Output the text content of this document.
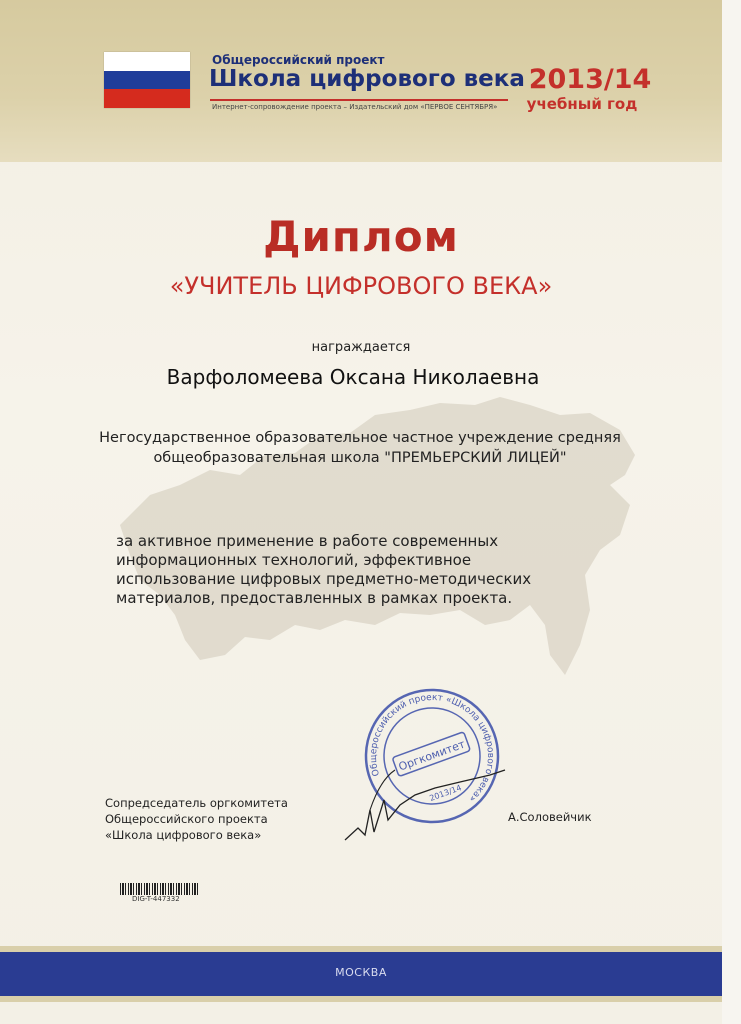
Общероссийский проект
Школа цифрового века
Интернет-сопровождение проекта – Издательский дом «ПЕРВОЕ СЕНТЯБРЯ»
2013/14
учебный год
Диплом
«УЧИТЕЛЬ ЦИФРОВОГО ВЕКА»
награждается
Варфоломеева Оксана Николаевна
Негосударственное образовательное частное учреждение средняя
общеобразовательная школа "ПРЕМЬЕРСКИЙ ЛИЦЕЙ"
за активное применение в работе современных информационных технологий, эффективное использование цифровых предметно-методических материалов, предоставленных в рамках проекта.
Сопредседатель оргкомитета
Общероссийского проекта
«Школа цифрового века»
Общероссийский проект «Школа цифрового века»
Оргкомитет
2013/14
А.Соловейчик
DIG-T-447332
МОСКВА
